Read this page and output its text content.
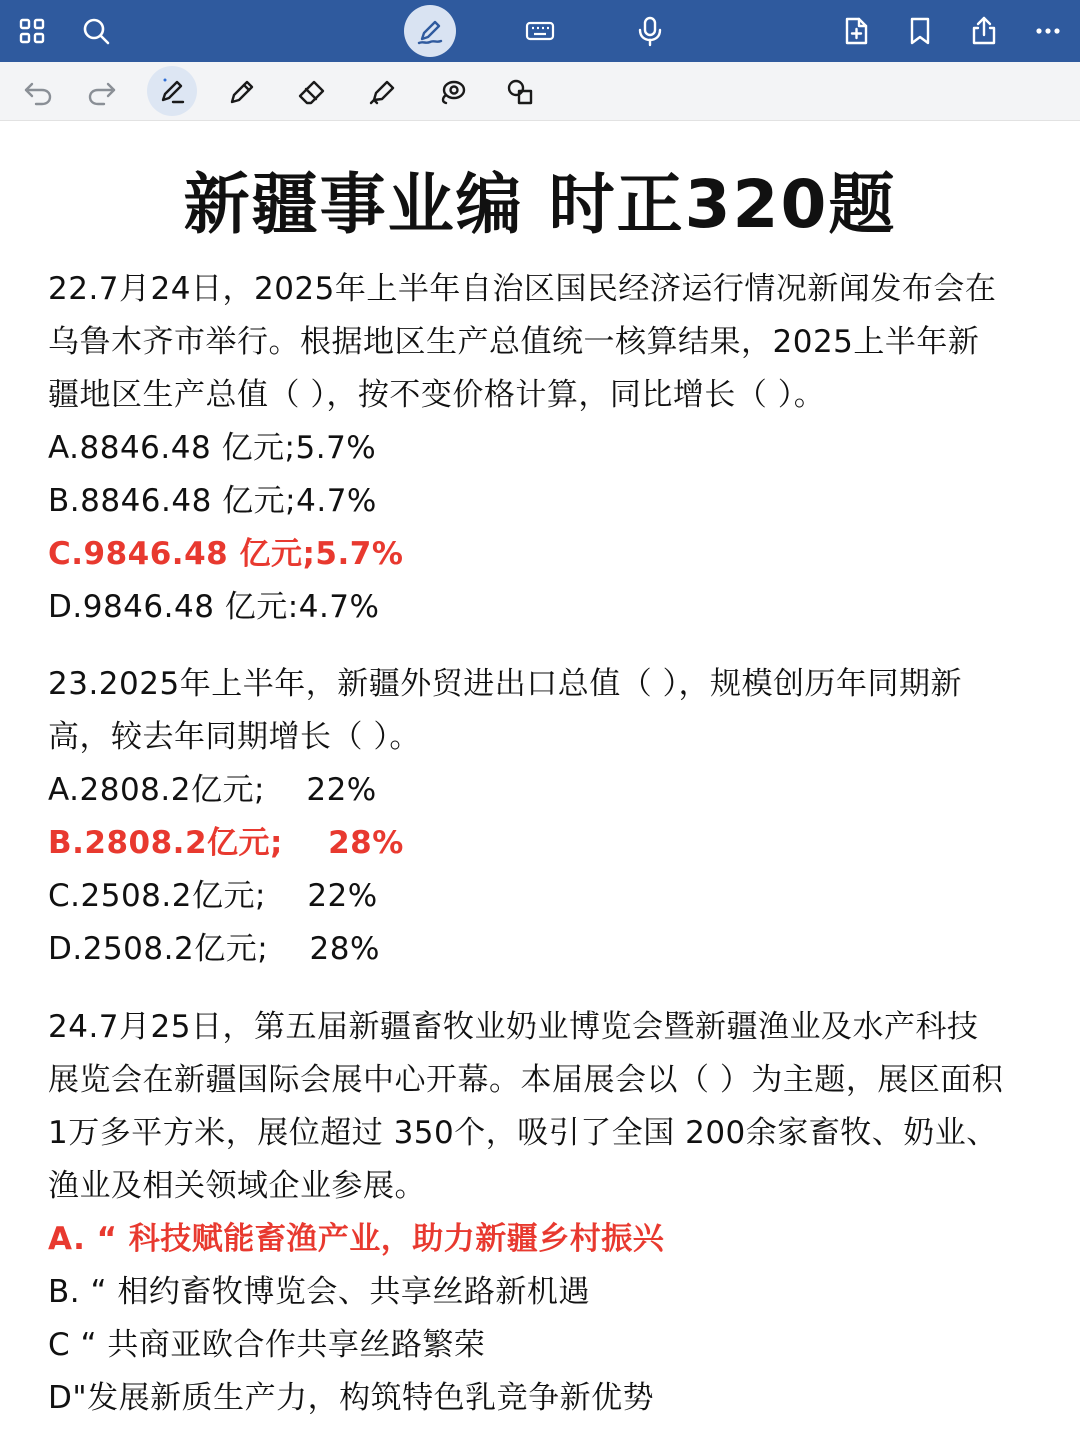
新疆事业编 时正320题
22.7月24日，2025年上半年自治区国民经济运行情况新闻发布会在
乌鲁木齐市举行。根据地区生产总值统一核算结果，2025上半年新
疆地区生产总值（ ），按不变价格计算，同比增长（ ）。
A.8846.48 亿元;5.7%
B.8846.48 亿元;4.7%
C.9846.48 亿元;5.7%
D.9846.48 亿元:4.7%
23.2025年上半年，新疆外贸进出口总值（ ），规模创历年同期新
高，较去年同期增长（ ）。
A.2808.2亿元;    22%
B.2808.2亿元;    28%
C.2508.2亿元;    22%
D.2508.2亿元;    28%
24.7月25日，第五届新疆畜牧业奶业博览会暨新疆渔业及水产科技
展览会在新疆国际会展中心开幕。本届展会以（ ）为主题，展区面积
1万多平方米，展位超过 350个，吸引了全国 200余家畜牧、奶业、
渔业及相关领域企业参展。
A. “ 科技赋能畜渔产业，助力新疆乡村振兴
B. “ 相约畜牧博览会、共享丝路新机遇
C “ 共商亚欧合作共享丝路繁荣
D"发展新质生产力，构筑特色乳竞争新优势
